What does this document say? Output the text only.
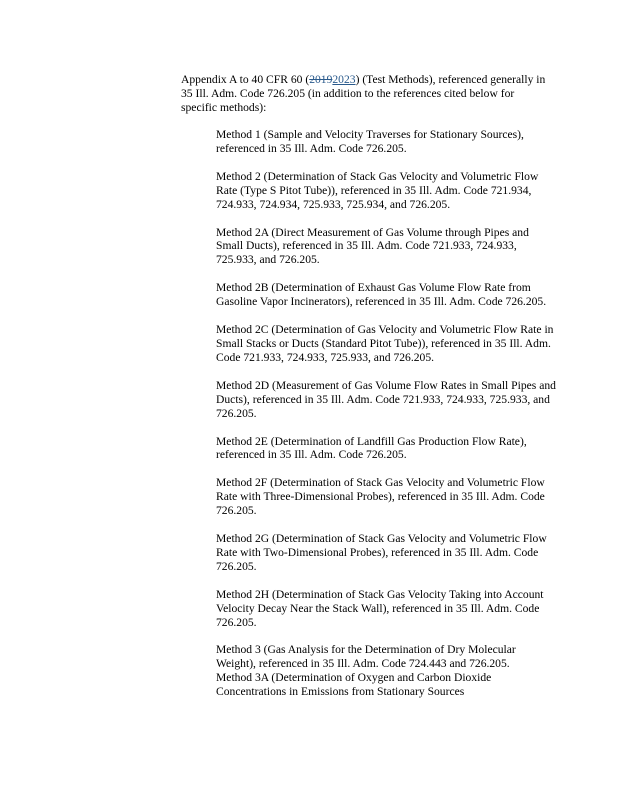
Appendix A to 40 CFR 60 (20192023) (Test Methods), referenced generally in 35 Ill. Adm. Code 726.205 (in addition to the references cited below for specific methods):

Method 1 (Sample and Velocity Traverses for Stationary Sources), referenced in 35 Ill. Adm. Code 726.205.

Method 2 (Determination of Stack Gas Velocity and Volumetric Flow Rate (Type S Pitot Tube)), referenced in 35 Ill. Adm. Code 721.934, 724.933, 724.934, 725.933, 725.934, and 726.205.

Method 2A (Direct Measurement of Gas Volume through Pipes and Small Ducts), referenced in 35 Ill. Adm. Code 721.933, 724.933, 725.933, and 726.205.

Method 2B (Determination of Exhaust Gas Volume Flow Rate from Gasoline Vapor Incinerators), referenced in 35 Ill. Adm. Code 726.205.

Method 2C (Determination of Gas Velocity and Volumetric Flow Rate in Small Stacks or Ducts (Standard Pitot Tube)), referenced in 35 Ill. Adm. Code 721.933, 724.933, 725.933, and 726.205.

Method 2D (Measurement of Gas Volume Flow Rates in Small Pipes and Ducts), referenced in 35 Ill. Adm. Code 721.933, 724.933, 725.933, and 726.205.

Method 2E (Determination of Landfill Gas Production Flow Rate), referenced in 35 Ill. Adm. Code 726.205.

Method 2F (Determination of Stack Gas Velocity and Volumetric Flow Rate with Three-Dimensional Probes), referenced in 35 Ill. Adm. Code 726.205.

Method 2G (Determination of Stack Gas Velocity and Volumetric Flow Rate with Two-Dimensional Probes), referenced in 35 Ill. Adm. Code 726.205.

Method 2H (Determination of Stack Gas Velocity Taking into Account Velocity Decay Near the Stack Wall), referenced in 35 Ill. Adm. Code 726.205.

Method 3 (Gas Analysis for the Determination of Dry Molecular Weight), referenced in 35 Ill. Adm. Code 724.443 and 726.205.

Method 3A (Determination of Oxygen and Carbon Dioxide Concentrations in Emissions from Stationary Sources
